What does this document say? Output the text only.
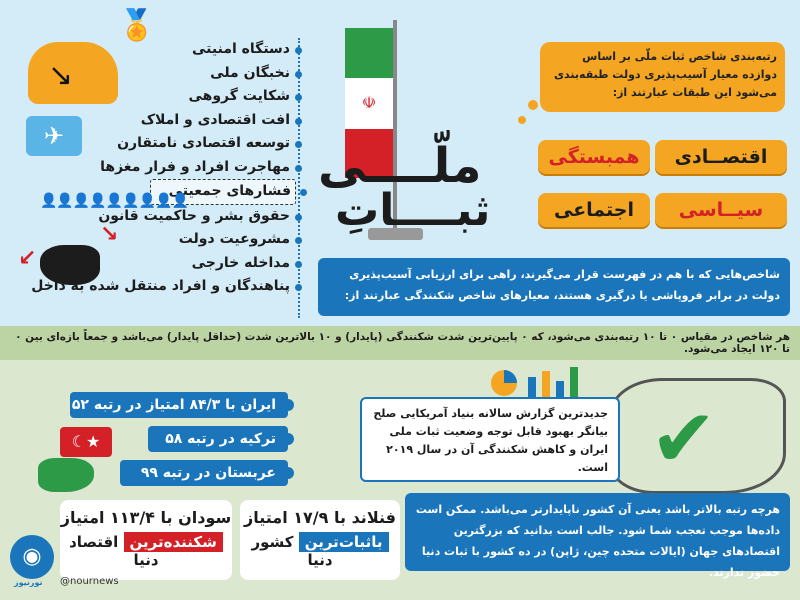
🏅
↘
✈
↙
↘
دستگاه امنیتی
نخبگان ملی
شکایت گروهی
افت اقتصادی و املاک
توسعه اقتصادی نامتقارن
مهاجرت افراد و فرار مغزها
فشارهای جمعیتی
حقوق بشر و حاکمیت قانون
مشروعیت دولت
مداخله خارجی
پناهندگان و افراد منتقل شده به داخل
👤👤👤👤👤👤👤👤👤
☫
ملّــــی
ثبــــاتِ
رتبه‌بندی شاخص ثبات ملّی بر اساس دوازده معیار آسیب‌پذیری دولت طبقه‌بندی می‌شود این طبقات عبارتند از:
اقتصــادی
همبستگی
اجتماعی	سیــاسی
شاخص‌هایی که با هم در فهرست قرار می‌گیرند، راهی برای ارزیابی آسیب‌پذیری دولت در برابر فروپاشی یا درگیری هستند، معیارهای شاخص شکنندگی عبارتند از:
هر شاخص در مقیاس ۰ تا ۱۰ رتبه‌بندی می‌شود، که ۰ پایین‌ترین شدت شکنندگی (پایدار) و ۱۰ بالاترین شدت (حداقل پایدار) می‌باشد و جمعاً بازه‌ای بین ۰ تا ۱۲۰ ایجاد می‌شود.
ایران با ۸۴/۳ امتیاز در رتبه ۵۲
ترکیه در رتبه ۵۸
عربستان در رتبه ۹۹
☾★	✔
جدیدترین گزارش سالانه بنیاد آمریکایی صلح بیانگر بهبود قابل توجه وضعیت ثبات ملی ایران و کاهش شکنندگی آن در سال ۲۰۱۹ است.
هرچه رتبه بالاتر باشد یعنی آن کشور ناپایدارتر می‌باشد. ممکن است داده‌ها موجب تعجب شما شود. جالب است بدانید که بزرگترین اقتصادهای جهان (ایالات متحده چین، ژاپن) در ده کشور با ثبات دنیا حضور ندارند.
فنلاند با ۱۷/۹ امتیاز
باثبات‌ترین کشور دنیا
سودان با ۱۱۳/۴ امتیاز
شکننده‌ترین اقتصاد دنیا
◉
نورنیوز @nournews
